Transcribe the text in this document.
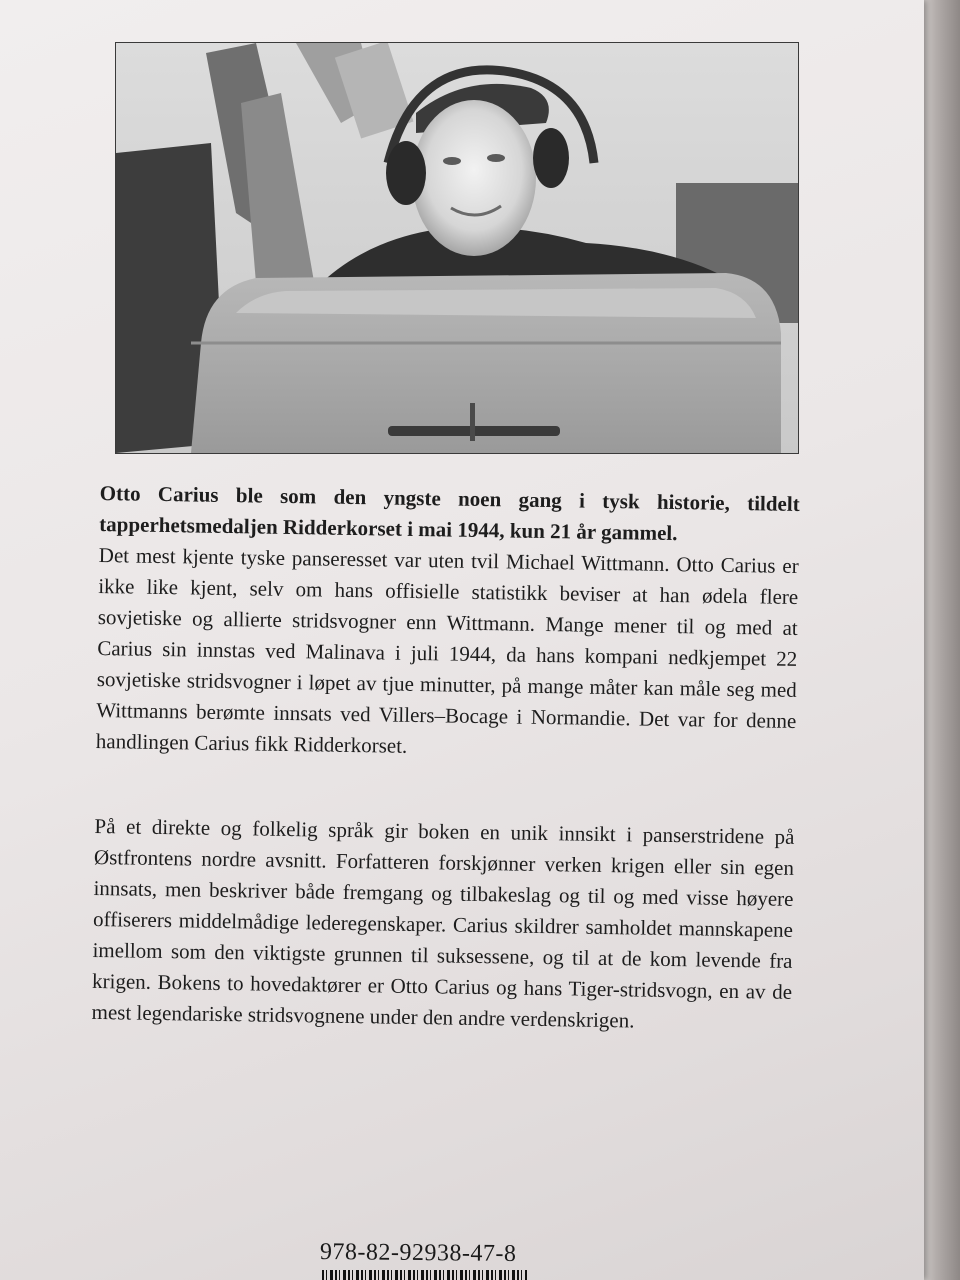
Otto Carius ble som den yngste noen gang i tysk historie, tildelt tapperhetsmedaljen Ridderkorset i mai 1944, kun 21 år gammel.

Det mest kjente tyske panseresset var uten tvil Michael Wittmann. Otto Carius er ikke like kjent, selv om hans offisielle statistikk beviser at han ødela flere sovjetiske og allierte stridsvogner enn Wittmann. Mange mener til og med at Carius sin innstas ved Malinava i juli 1944, da hans kompani nedkjempet 22 sovjetiske stridsvogner i løpet av tjue minutter, på mange måter kan måle seg med Wittmanns berømte innsats ved Villers–Bocage i Normandie. Det var for denne handlingen Carius fikk Ridderkorset.

På et direkte og folkelig språk gir boken en unik innsikt i panserstridene på Østfrontens nordre avsnitt. Forfatteren forskjønner verken krigen eller sin egen innsats, men beskriver både fremgang og tilbakeslag og til og med visse høyere offiserers middelmådige lederegenskaper. Carius skildrer samholdet mannskapene imellom som den viktigste grunnen til suksessene, og til at de kom levende fra krigen. Bokens to hovedaktører er Otto Carius og hans Tiger-stridsvogn, en av de mest legendariske stridsvognene under den andre verdenskrigen.

978-82-92938-47-8
